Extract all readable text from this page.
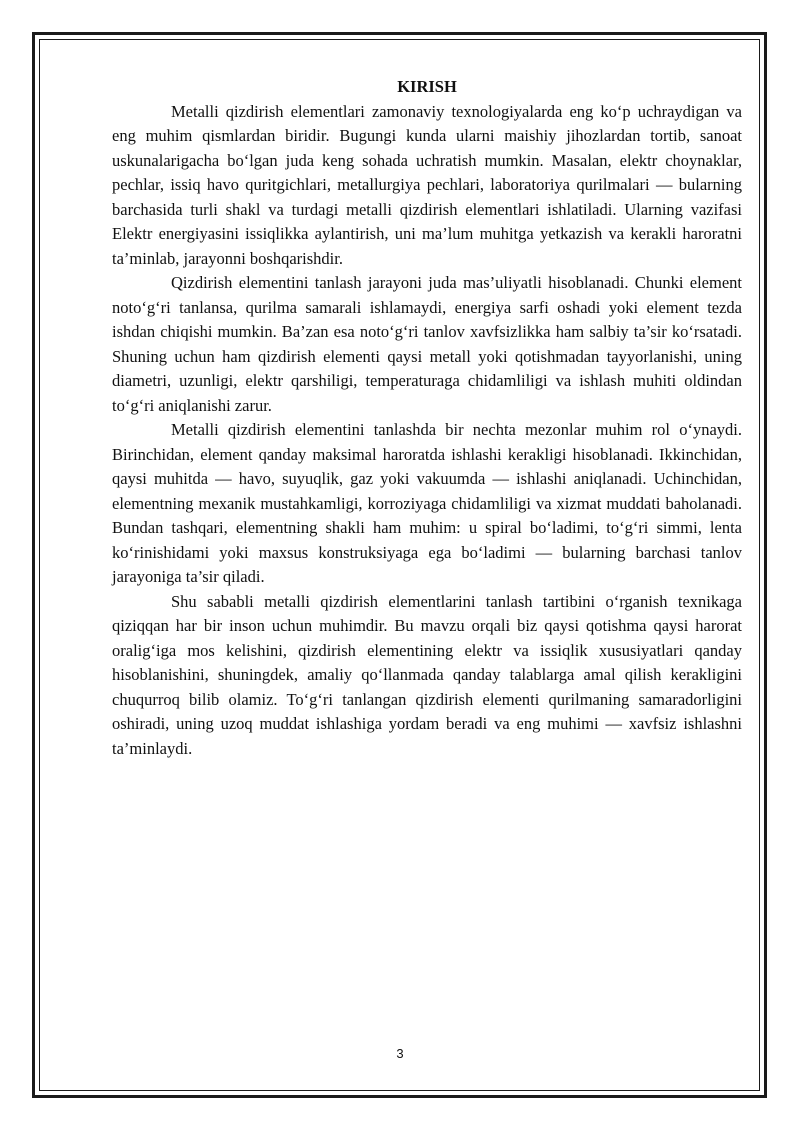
KIRISH

Metalli qizdirish elementlari zamonaviy texnologiyalarda eng ko‘p uchraydigan va eng muhim qismlardan biridir. Bugungi kunda ularni maishiy jihozlardan tortib, sanoat uskunalarigacha bo‘lgan juda keng sohada uchratish mumkin. Masalan, elektr choynaklar, pechlar, issiq havo quritgichlari, metallurgiya pechlari, laboratoriya qurilmalari — bularning barchasida turli shakl va turdagi metalli qizdirish elementlari ishlatiladi. Ularning vazifasi Elektr energiyasini issiqlikka aylantirish, uni ma’lum muhitga yetkazish va kerakli haroratni ta’minlab, jarayonni boshqarishdir.

Qizdirish elementini tanlash jarayoni juda mas’uliyatli hisoblanadi. Chunki element noto‘g‘ri tanlansa, qurilma samarali ishlamaydi, energiya sarfi oshadi yoki element tezda ishdan chiqishi mumkin. Ba’zan esa noto‘g‘ri tanlov xavfsizlikka ham salbiy ta’sir ko‘rsatadi. Shuning uchun ham qizdirish elementi qaysi metall yoki qotishmadan tayyorlanishi, uning diametri, uzunligi, elektr qarshiligi, temperaturaga chidamliligi va ishlash muhiti oldindan to‘g‘ri aniqlanishi zarur.

Metalli qizdirish elementini tanlashda bir nechta mezonlar muhim rol o‘ynaydi. Birinchidan, element qanday maksimal haroratda ishlashi kerakligi hisoblanadi. Ikkinchidan, qaysi muhitda — havo, suyuqlik, gaz yoki vakuumda — ishlashi aniqlanadi. Uchinchidan, elementning mexanik mustahkamligi, korroziyaga chidamliligi va xizmat muddati baholanadi. Bundan tashqari, elementning shakli ham muhim: u spiral bo‘ladimi, to‘g‘ri simmi, lenta ko‘rinishidami yoki maxsus konstruksiyaga ega bo‘ladimi — bularning barchasi tanlov jarayoniga ta’sir qiladi.

Shu sababli metalli qizdirish elementlarini tanlash tartibini o‘rganish texnikaga qiziqqan har bir inson uchun muhimdir. Bu mavzu orqali biz qaysi qotishma qaysi harorat oralig‘iga mos kelishini, qizdirish elementining elektr va issiqlik xususiyatlari qanday hisoblanishini, shuningdek, amaliy qo‘llanmada qanday talablarga amal qilish kerakligini chuqurroq bilib olamiz. To‘g‘ri tanlangan qizdirish elementi qurilmaning samaradorligini oshiradi, uning uzoq muddat ishlashiga yordam beradi va eng muhimi — xavfsiz ishlashni ta’minlaydi.

3
